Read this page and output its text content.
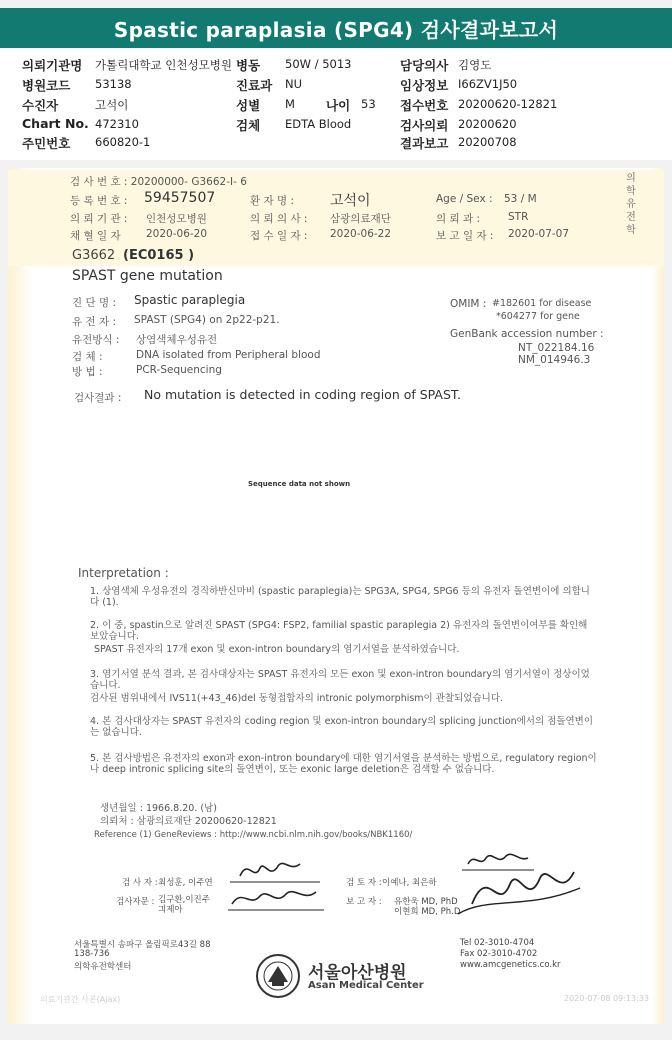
Spastic paraplasia (SPG4) 검사결과보고서
의뢰기관명 가톨릭대학교 인천성모병원 병동 50W / 5013	담당의사 김영도
병원코드 53138	진료과 NU	임상정보 I66ZV1J50
수진자	고석이	성별 M 나이 53 접수번호 20200620-12821
Chart No. 472310	검체 EDTA Blood	검사의뢰 20200620
주민번호 660820-1	결과보고 20200708
검 사 번 호 : 20200000- G3662-I- 6
등 록 번 호 : 59457507	환 자 명 :	고석이	Age / Sex : 53 / M
의 뢰 기 관 : 인천성모병원	의 뢰 의 사 : 삼광의료재단	의 뢰 과 :	STR
채 혈 일 자 2020-06-20	접 수 일 자 : 2020-06-22	보 고 일 자 : 2020-07-07
의
학
유
전
학
G3662 (EC0165 )
SPAST gene mutation
진 단 명 : Spastic paraplegia
유 전 자 : SPAST (SPG4) on 2p22-p21.
유전방식 : 상염색체우성유전
검 체 :	DNA isolated from Peripheral blood
방 법 :	PCR-Sequencing
OMIM : #182601 for disease
*604277 for gene
GenBank accession number :
NT_022184.16
NM_014946.3
검사결과 : No mutation is detected in coding region of SPAST.
Sequence data not shown
Interpretation :
1. 상염색체 우성유전의 경직하반신마비 (spastic paraplegia)는 SPG3A, SPG4, SPG6 등의 유전자 돌연변이에 의합니다 (1).
2. 이 중, spastin으로 알려진 SPAST (SPG4: FSP2, familial spastic paraplegia 2) 유전자의 돌연변이여부를 확인해 보았습니다.
SPAST 유전자의 17개 exon 및 exon-intron boundary의 염기서열을 분석하였습니다.
3. 염기서열 분석 결과, 본 검사대상자는 SPAST 유전자의 모든 exon 및 exon-intron boundary의 염기서열이 정상이었습니다.
검사된 범위내에서 IVS11(+43_46)del 동형접합자의 intronic polymorphism이 관찰되었습니다.
4. 본 검사대상자는 SPAST 유전자의 coding region 및 exon-intron boundary의 splicing junction에서의 점돌연변이는 없습니다.
5. 본 검사방법은 유전자의 exon과 exon-intron boundary에 대한 염기서열을 분석하는 방법으로, regulatory region이나 deep intronic splicing site의 돌연변이, 또는 exonic large deletion은 검색할 수 없습니다.
생년월일 : 1966.8.20. (남)
의뢰처 : 삼광의료재단 20200620-12821
Reference (1) GeneReviews : http://www.ncbi.nlm.nih.gov/books/NBK1160/
검 사 자 : 최성훈, 이주연
검사자문 : 김구환,이진주 긔제아
검 토 자 : 이예나, 최은하
보 고 자 : 유한욱 MD, PhD
이현희 MD, Ph.D
서울특별시 송파구 올림픽로43길 88
138-736
의학유전학센터	서울아산병원
Asan Medical Center
Tel 02-3010-4704
Fax 02-3010-4702
www.amcgenetics.co.kr
의료기관간 사본(Ajax)	2020-07-08 09:13:33
